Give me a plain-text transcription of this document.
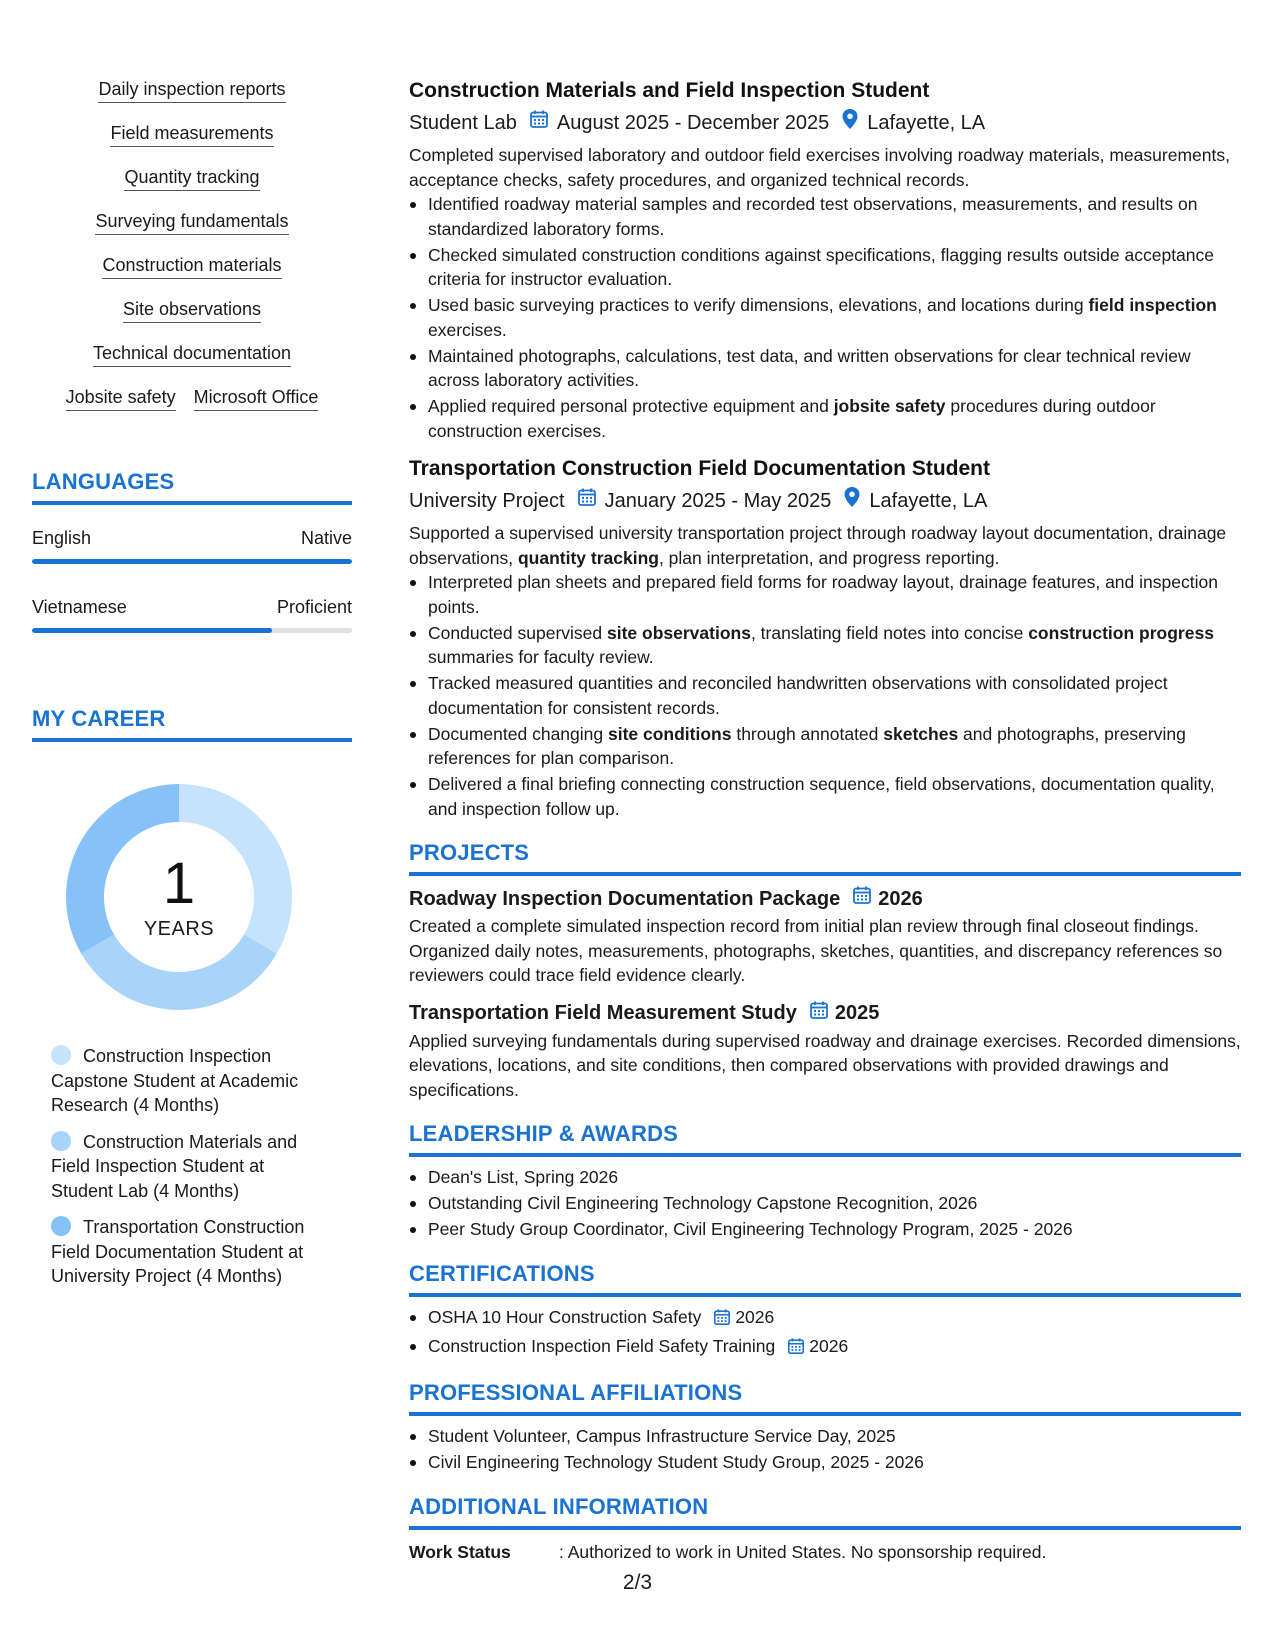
Daily inspection reports
Field measurements
Quantity tracking
Surveying fundamentals
Construction materials
Site observations
Technical documentation
Jobsite safety Microsoft Office
LANGUAGES
English	Native
Vietnamese	Proficient
MY CAREER
1
YEARS
Construction Inspection Capstone Student at Academic Research (4 Months)
Construction Materials and Field Inspection Student at Student Lab (4 Months)
Transportation Construction Field Documentation Student at University Project (4 Months)
Construction Materials and Field Inspection Student
Student Lab August 2025 - December 2025 Lafayette, LA
Completed supervised laboratory and outdoor field exercises involving roadway materials, measurements, acceptance checks, safety procedures, and organized technical records.
Identified roadway material samples and recorded test observations, measurements, and results on standardized laboratory forms.
Checked simulated construction conditions against specifications, flagging results outside acceptance criteria for instructor evaluation.
Used basic surveying practices to verify dimensions, elevations, and locations during field inspection exercises.
Maintained photographs, calculations, test data, and written observations for clear technical review across laboratory activities.
Applied required personal protective equipment and jobsite safety procedures during outdoor construction exercises.
Transportation Construction Field Documentation Student
University Project January 2025 - May 2025 Lafayette, LA
Supported a supervised university transportation project through roadway layout documentation, drainage observations, quantity tracking, plan interpretation, and progress reporting.
Interpreted plan sheets and prepared field forms for roadway layout, drainage features, and inspection points.
Conducted supervised site observations, translating field notes into concise construction progress summaries for faculty review.
Tracked measured quantities and reconciled handwritten observations with consolidated project documentation for consistent records.
Documented changing site conditions through annotated sketches and photographs, preserving references for plan comparison.
Delivered a final briefing connecting construction sequence, field observations, documentation quality, and inspection follow up.
PROJECTS
Roadway Inspection Documentation Package 2026
Created a complete simulated inspection record from initial plan review through final closeout findings. Organized daily notes, measurements, photographs, sketches, quantities, and discrepancy references so reviewers could trace field evidence clearly.
Transportation Field Measurement Study 2025
Applied surveying fundamentals during supervised roadway and drainage exercises. Recorded dimensions, elevations, locations, and site conditions, then compared observations with provided drawings and specifications.
LEADERSHIP & AWARDS
Dean's List, Spring 2026
Outstanding Civil Engineering Technology Capstone Recognition, 2026
Peer Study Group Coordinator, Civil Engineering Technology Program, 2025 - 2026
CERTIFICATIONS
OSHA 10 Hour Construction Safety 2026
Construction Inspection Field Safety Training 2026
PROFESSIONAL AFFILIATIONS
Student Volunteer, Campus Infrastructure Service Day, 2025
Civil Engineering Technology Student Study Group, 2025 - 2026
ADDITIONAL INFORMATION
Work Status	: Authorized to work in United States. No sponsorship required.
2/3
